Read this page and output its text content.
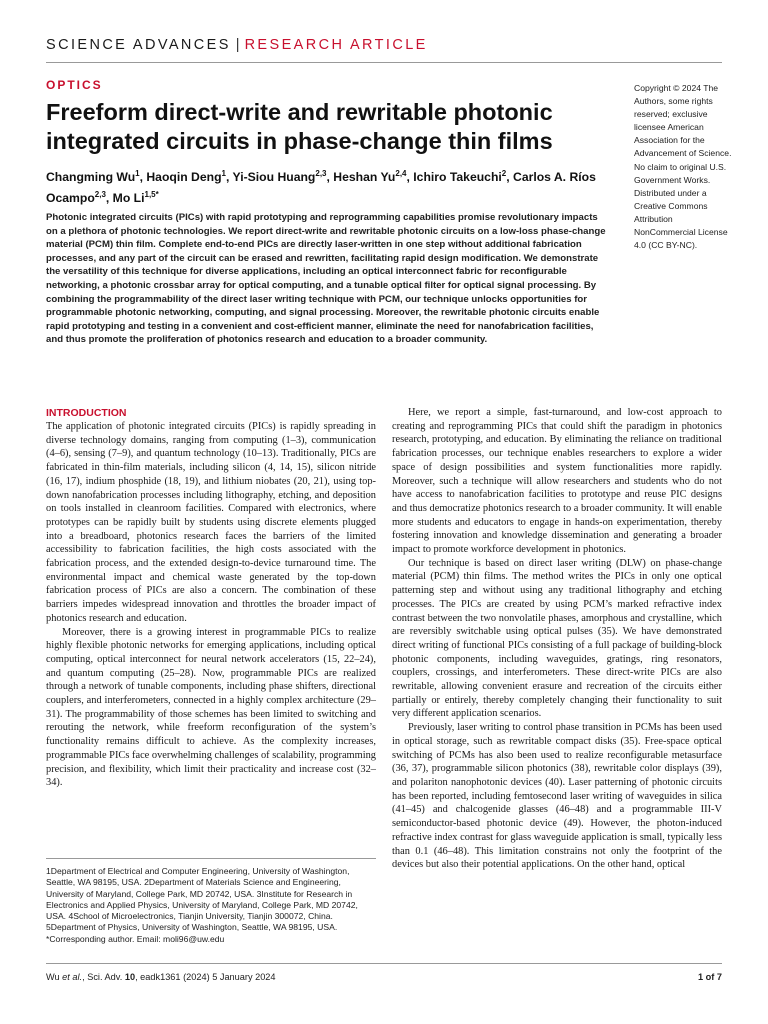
SCIENCE ADVANCES | RESEARCH ARTICLE
OPTICS
Freeform direct-write and rewritable photonic integrated circuits in phase-change thin films
Changming Wu$^1$, Haoqin Deng$^1$, Yi-Siou Huang$^{2,3}$, Heshan Yu$^{2,4}$, Ichiro Takeuchi$^2$, Carlos A. Ríos Ocampo$^{2,3}$, Mo $Li^{1,5*}$
Copyright © 2024 The Authors, some rights reserved; exclusive licensee American Association for the Advancement of Science. No claim to original U.S. Government Works. Distributed under a Creative Commons Attribution NonCommercial License 4.0 (CC BY-NC).

Photonic integrated circuits (PICs) with rapid prototyping and reprogramming capabilities promise revolutionary impacts on a plethora of photonic technologies. We report direct-write and rewritable photonic circuits on a low-loss phase-change material (PCM) thin film. Complete end-to-end PICs are directly laser-written in one step without additional fabrication processes, and any part of the circuit can be erased and rewritten, facilitating rapid design modification. We demonstrate the versatility of this technique for diverse applications, including an optical interconnect fabric for reconfigurable networking, a photonic crossbar array for optical computing, and a tunable optical filter for optical signal processing. By combining the programmability of the direct laser writing technique with PCM, our technique unlocks opportunities for programmable photonic networking, computing, and signal processing. Moreover, the rewritable photonic circuits enable rapid prototyping and testing in a convenient and cost-efficient manner, eliminate the need for nanofabrication facilities, and thus promote the proliferation of photonics research and education to a broader community.

INTRODUCTION

The application of photonic integrated circuits (PICs) is rapidly spreading in diverse technology domains, ranging from computing (1–3), communication (4–6), sensing (7–9), and quantum technology (10–13). Traditionally, PICs are fabricated in thin-film materials, including silicon (4, 14, 15), silicon nitride (16, 17), indium phosphide (18, 19), and lithium niobates (20, 21), using top-down nanofabrication processes including lithography, etching, and deposition on tools installed in cleanroom facilities. Compared with electronics, where prototypes can be rapidly built by students using discrete elements plugged into a breadboard, photonics research faces the barriers of the limited accessibility to fabrication facilities, the high costs associated with the fabrication process, and the extended design-to-device turnaround time. The environmental impact and chemical waste generated by the top-down fabrication process of PICs are also a concern. The combination of these barriers impedes widespread innovation and throttles the broader impact of photonics research and education.

Moreover, there is a growing interest in programmable PICs to realize highly flexible photonic networks for emerging applications, including optical computing, optical interconnect for neural network accelerators (15, 22–24), and quantum computing (25–28). Now, programmable PICs are realized through a network of tunable components, including phase shifters, directional couplers, and interferometers, connected in a highly complex architecture (29–31). The programmability of those schemes has been limited to switching and rerouting the network, while freeform reconfiguration of the system’s functionality remains difficult to achieve. As the complexity increases, programmable PICs face overwhelming challenges of scalability, programming precision, and flexibility, which limit their practicality and increase cost (32–34).

Here, we report a simple, fast-turnaround, and low-cost approach to creating and reprogramming PICs that could shift the paradigm in photonics research, prototyping, and education. By eliminating the reliance on traditional fabrication processes, our technique enables researchers to explore a wider space of design possibilities and system functionalities more rapidly. Moreover, such a technique will allow researchers and students who do not have access to nanofabrication facilities to prototype and reuse PIC designs and thus democratize photonics research to a broader community. It will enable more students and educators to engage in hands-on experimentation, thereby fostering innovation and knowledge dissemination and generating a broader impact to promote workforce development in photonics.

Our technique is based on direct laser writing (DLW) on phase-change material (PCM) thin films. The method writes the PICs in only one optical patterning step and without using any traditional lithography and etching processes. The PICs are created by using PCM’s marked refractive index contrast between the two nonvolatile phases, amorphous and crystalline, which are reversibly switchable using optical pulses (35). We have demonstrated direct writing of functional PICs consisting of a full package of building-block photonic components, including waveguides, gratings, ring resonators, couplers, crossings, and interferometers. These direct-write PICs are also rewritable, allowing convenient erasure and recreation of the circuits either partially or entirely, thereby completely changing their functionality to suit very different application scenarios.

Previously, laser writing to control phase transition in PCMs has been used in optical storage, such as rewritable compact disks (35). Free-space optical switching of PCMs has also been used to realize reconfigurable metasurface (36, 37), programmable silicon photonics (38), rewritable color displays (39), and polariton nanophotonic devices (40). Laser patterning of photonic circuits has been reported, including femtosecond laser writing of waveguides in silica (41–45) and chalcogenide glasses (46–48) and a programmable III-V semiconductor-based photonic device (49). However, the photon-induced refractive index contrast for glass waveguide application is small, typically less than 0.1 (46–48). This limitation constrains not only the footprint of the devices but also their potential applications. On the other hand, optical

1Department of Electrical and Computer Engineering, University of Washington, Seattle, WA 98195, USA. 2Department of Materials Science and Engineering, University of Maryland, College Park, MD 20742, USA. 3Institute for Research in Electronics and Applied Physics, University of Maryland, College Park, MD 20742, USA. 4School of Microelectronics, Tianjin University, Tianjin 300072, China. 5Department of Physics, University of Washington, Seattle, WA 98195, USA.
*Corresponding author. Email: moli96@uw.edu
Wu et al., Sci. Adv. 10, eadk1361 (2024) 5 January 2024	1 of 7
